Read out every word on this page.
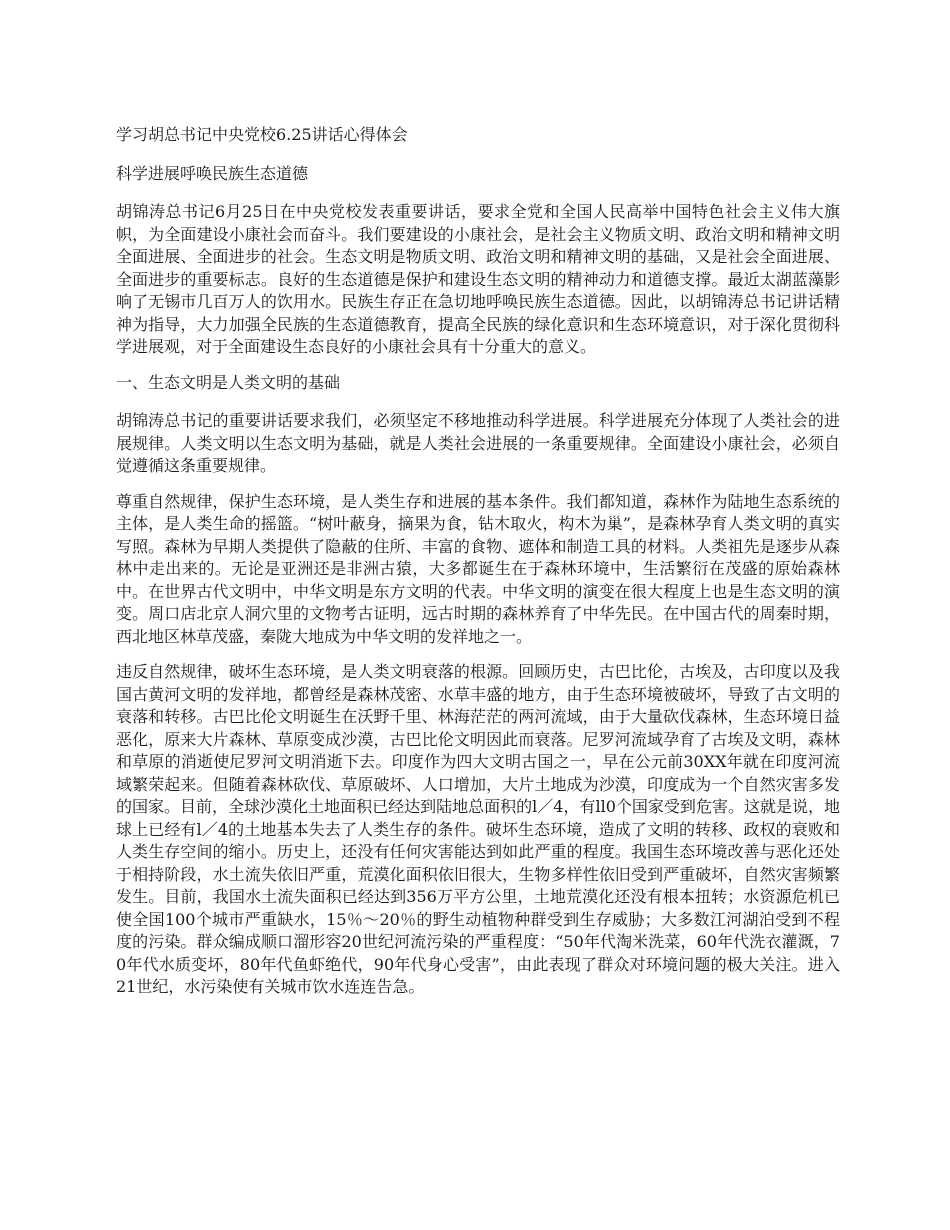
学习胡总书记中央党校6.25讲话心得体会

科学进展呼唤民族生态道德

胡锦涛总书记6月25日在中央党校发表重要讲话，要求全党和全国人民高举中国特色社会主义伟大旗帜，为全面建设小康社会而奋斗。我们要建设的小康社会，是社会主义物质文明、政治文明和精神文明全面进展、全面进步的社会。生态文明是物质文明、政治文明和精神文明的基础，又是社会全面进展、全面进步的重要标志。良好的生态道德是保护和建设生态文明的精神动力和道德支撑。最近太湖蓝藻影响了无锡市几百万人的饮用水。民族生存正在急切地呼唤民族生态道德。因此，以胡锦涛总书记讲话精神为指导，大力加强全民族的生态道德教育，提高全民族的绿化意识和生态环境意识，对于深化贯彻科学进展观，对于全面建设生态良好的小康社会具有十分重大的意义。

一、生态文明是人类文明的基础

胡锦涛总书记的重要讲话要求我们，必须坚定不移地推动科学进展。科学进展充分体现了人类社会的进展规律。人类文明以生态文明为基础，就是人类社会进展的一条重要规律。全面建设小康社会，必须自觉遵循这条重要规律。

尊重自然规律，保护生态环境，是人类生存和进展的基本条件。我们都知道，森林作为陆地生态系统的主体，是人类生命的摇篮。“树叶蔽身，摘果为食，钻木取火，构木为巢”，是森林孕育人类文明的真实写照。森林为早期人类提供了隐蔽的住所、丰富的食物、遮体和制造工具的材料。人类祖先是逐步从森林中走出来的。无论是亚洲还是非洲古猿，大多都诞生在于森林环境中，生活繁衍在茂盛的原始森林中。在世界古代文明中，中华文明是东方文明的代表。中华文明的演变在很大程度上也是生态文明的演变。周口店北京人洞穴里的文物考古证明，远古时期的森林养育了中华先民。在中国古代的周秦时期，西北地区林草茂盛，秦陇大地成为中华文明的发祥地之一。

违反自然规律，破坏生态环境，是人类文明衰落的根源。回顾历史，古巴比伦，古埃及，古印度以及我国古黄河文明的发祥地，都曾经是森林茂密、水草丰盛的地方，由于生态环境被破坏，导致了古文明的衰落和转移。古巴比伦文明诞生在沃野千里、林海茫茫的两河流域，由于大量砍伐森林，生态环境日益恶化，原来大片森林、草原变成沙漠，古巴比伦文明因此而衰落。尼罗河流域孕育了古埃及文明，森林和草原的消逝使尼罗河文明消逝下去。印度作为四大文明古国之一，早在公元前30XX年就在印度河流域繁荣起来。但随着森林砍伐、草原破坏、人口增加，大片土地成为沙漠，印度成为一个自然灾害多发的国家。目前，全球沙漠化土地面积已经达到陆地总面积的l／4，有ll0个国家受到危害。这就是说，地球上已经有l／4的土地基本失去了人类生存的条件。破坏生态环境，造成了文明的转移、政权的衰败和人类生存空间的缩小。历史上，还没有任何灾害能达到如此严重的程度。我国生态环境改善与恶化还处于相持阶段，水土流失依旧严重，荒漠化面积依旧很大，生物多样性依旧受到严重破坏，自然灾害频繁发生。目前，我国水土流失面积已经达到356万平方公里，土地荒漠化还没有根本扭转；水资源危机已使全国100个城市严重缺水，15％～20％的野生动植物种群受到生存威胁；大多数江河湖泊受到不程度的污染。群众编成顺口溜形容20世纪河流污染的严重程度：“50年代淘米洗菜，60年代洗衣灌溉，70年代水质变坏，80年代鱼虾绝代，90年代身心受害”，由此表现了群众对环境问题的极大关注。进入21世纪，水污染使有关城市饮水连连告急。
